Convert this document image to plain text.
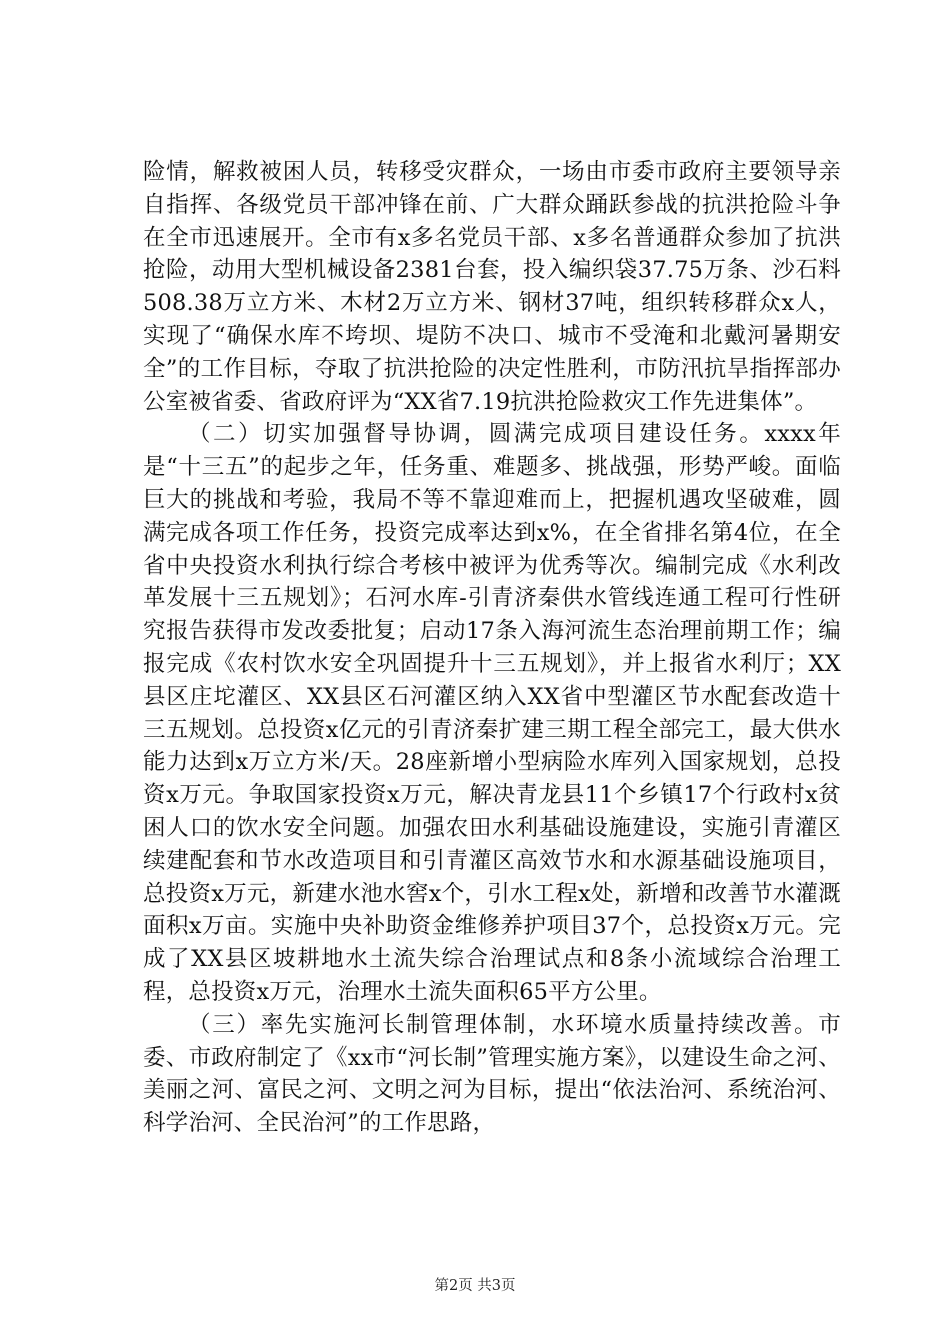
险情，解救被困人员，转移受灾群众，一场由市委市政府主要领导亲自指挥、各级党员干部冲锋在前、广大群众踊跃参战的抗洪抢险斗争在全市迅速展开。全市有x多名党员干部、x多名普通群众参加了抗洪抢险，动用大型机械设备2381台套，投入编织袋37.75万条、沙石料508.38万立方米、木材2万立方米、钢材37吨，组织转移群众x人，实现了“确保水库不垮坝、堤防不决口、城市不受淹和北戴河暑期安全”的工作目标，夺取了抗洪抢险的决定性胜利，市防汛抗旱指挥部办公室被省委、省政府评为“XX省7.19抗洪抢险救灾工作先进集体”。

（二）切实加强督导协调，圆满完成项目建设任务。xxxx年是“十三五”的起步之年，任务重、难题多、挑战强，形势严峻。面临巨大的挑战和考验，我局不等不靠迎难而上，把握机遇攻坚破难，圆满完成各项工作任务，投资完成率达到x%，在全省排名第4位，在全省中央投资水利执行综合考核中被评为优秀等次。编制完成《水利改革发展十三五规划》；石河水库-引青济秦供水管线连通工程可行性研究报告获得市发改委批复；启动17条入海河流生态治理前期工作；编报完成《农村饮水安全巩固提升十三五规划》，并上报省水利厅；XX县区庄坨灌区、XX县区石河灌区纳入XX省中型灌区节水配套改造十三五规划。总投资x亿元的引青济秦扩建三期工程全部完工，最大供水能力达到x万立方米/天。28座新增小型病险水库列入国家规划，总投资x万元。争取国家投资x万元，解决青龙县11个乡镇17个行政村x贫困人口的饮水安全问题。加强农田水利基础设施建设，实施引青灌区续建配套和节水改造项目和引青灌区高效节水和水源基础设施项目，总投资x万元，新建水池水窖x个，引水工程x处，新增和改善节水灌溉面积x万亩。实施中央补助资金维修养护项目37个，总投资x万元。完成了XX县区坡耕地水土流失综合治理试点和8条小流域综合治理工程，总投资x万元，治理水土流失面积65平方公里。

（三）率先实施河长制管理体制，水环境水质量持续改善。市委、市政府制定了《xx市“河长制”管理实施方案》，以建设生命之河、美丽之河、富民之河、文明之河为目标，提出“依法治河、系统治河、科学治河、全民治河”的工作思路，

第2页 共3页
